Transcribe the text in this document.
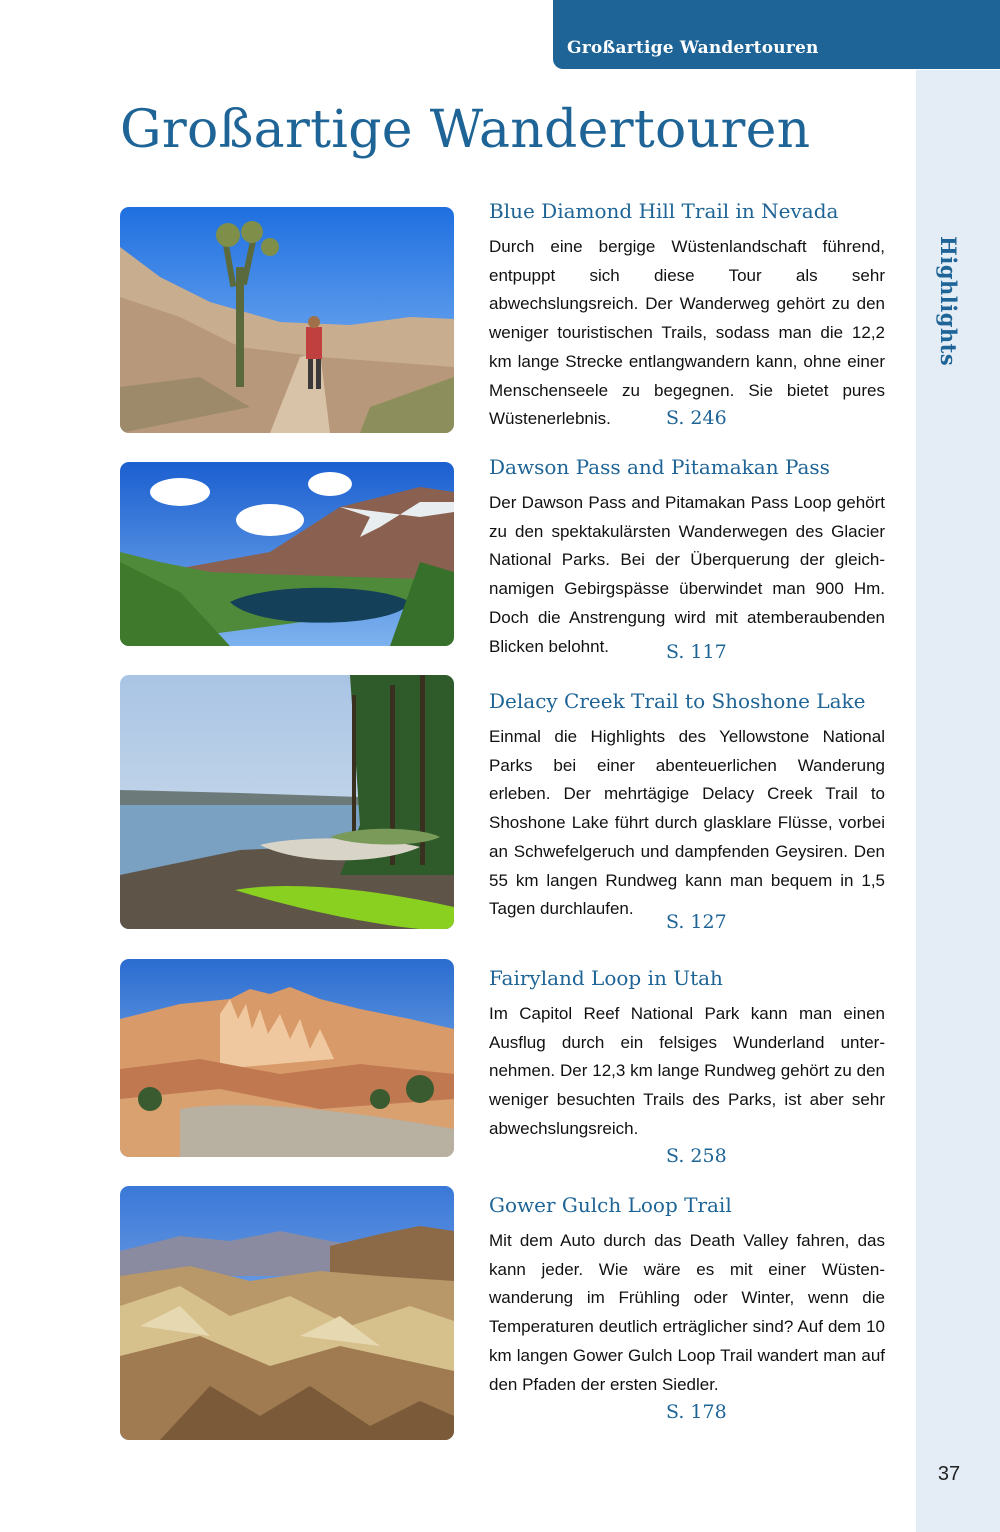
Großartige Wandertouren
Highlights
37
Großartige Wandertouren
Blue Diamond Hill Trail in Nevada

Durch eine bergige Wüstenlandschaft führend, entpuppt sich diese Tour als sehr abwechslungsreich. Der Wanderweg gehört zu den weniger touristischen Trails, sodass man die 12,2 km lange Strecke entlangwandern kann, ohne einer Menschenseele zu begegnen. Sie bietet pures Wüstenerlebnis.	S. 246
Dawson Pass and Pitamakan Pass

Der Dawson Pass and Pitamakan Pass Loop gehört zu den spektakulärsten Wanderwegen des Glacier National Parks. Bei der Überquerung der gleichnamigen Gebirgspässe überwindet man 900 Hm. Doch die Anstrengung wird mit atemberaubenden Blicken belohnt.	S. 117
Delacy Creek Trail to Shoshone Lake

Einmal die Highlights des Yellowstone National Parks bei einer abenteuerlichen Wanderung erleben. Der mehrtägige Delacy Creek Trail to Shoshone Lake führt durch glasklare Flüsse, vorbei an Schwefelgeruch und dampfenden Geysiren. Den 55 km langen Rundweg kann man bequem in 1,5 Tagen durchlaufen.

S. 127
Fairyland Loop in Utah

Im Capitol Reef National Park kann man einen Ausflug durch ein felsiges Wunderland unternehmen. Der 12,3 km lange Rundweg gehört zu den weniger besuchten Trails des Parks, ist aber sehr abwechslungsreich.

S. 258
Gower Gulch Loop Trail

Mit dem Auto durch das Death Valley fahren, das kann jeder. Wie wäre es mit einer Wüstenwanderung im Frühling oder Winter, wenn die Temperaturen deutlich erträglicher sind? Auf dem 10 km langen Gower Gulch Loop Trail wandert man auf den Pfaden der ersten Siedler.

S. 178
